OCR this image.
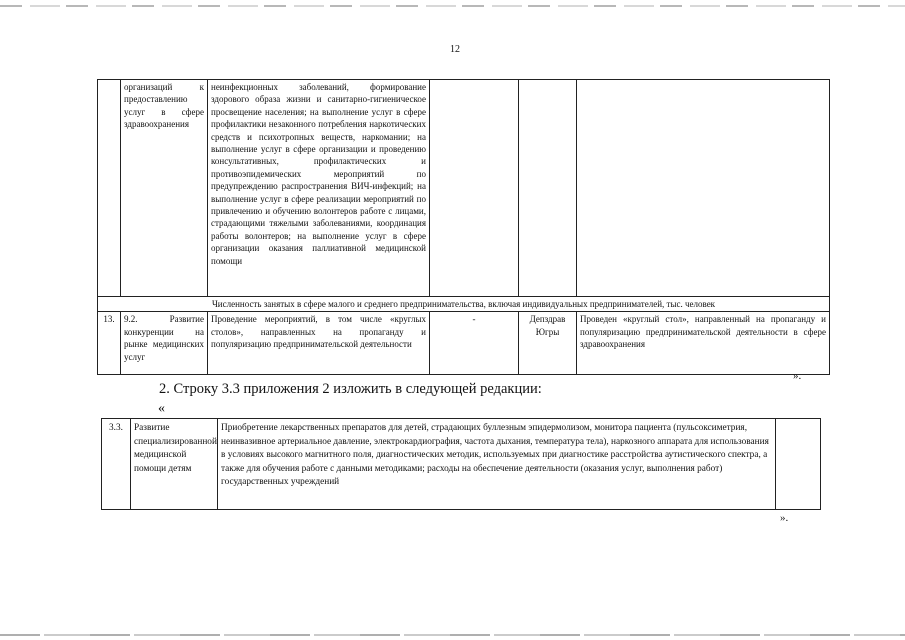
12
	организаций к предоставлению услуг в сфере здравоохранения	неинфекционных заболеваний, формирование здорового образа жизни и санитарно-гигиеническое просвещение населения; на выполнение услуг в сфере профилактики незаконного потребления наркотических средств и психотропных веществ, наркомании; на выполнение услуг в сфере организации и проведению консультативных, профилактических и противоэпидемических мероприятий по предупреждению распространения ВИЧ-инфекций; на выполнение услуг в сфере реализации мероприятий по привлечению и обучению волонтеров работе с лицами, страдающими тяжелыми заболеваниями, координация работы волонтеров; на выполнение услуг в сфере организации оказания паллиативной медицинской помощи			
Численность занятых в сфере малого и среднего предпринимательства, включая индивидуальных предпринимателей, тыс. человек					
13.	9.2. Развитие конкуренции на рынке медицинских услуг	Проведение мероприятий, в том числе «круглых столов», направленных на пропаганду и популяризацию предпринимательской деятельности	-	Депздрав Югры	Проведен «круглый стол», направленный на пропаганду и популяризацию предпринимательской деятельности в сфере здравоохранения
».
2. Строку 3.3 приложения 2 изложить в следующей редакции:
«
3.3.	Развитие специализированной медицинской помощи детям	Приобретение лекарственных препаратов для детей, страдающих буллезным эпидермолизом, монитора пациента (пульсоксиметрия, неинвазивное артериальное давление, электрокардиография, частота дыхания, температура тела), наркозного аппарата для использования в условиях высокого магнитного поля, диагностических методик, используемых при диагностике расстройства аутистического спектра, а также для обучения работе с данными методиками; расходы на обеспечение деятельности (оказания услуг, выполнения работ) государственных учреждений	
».
